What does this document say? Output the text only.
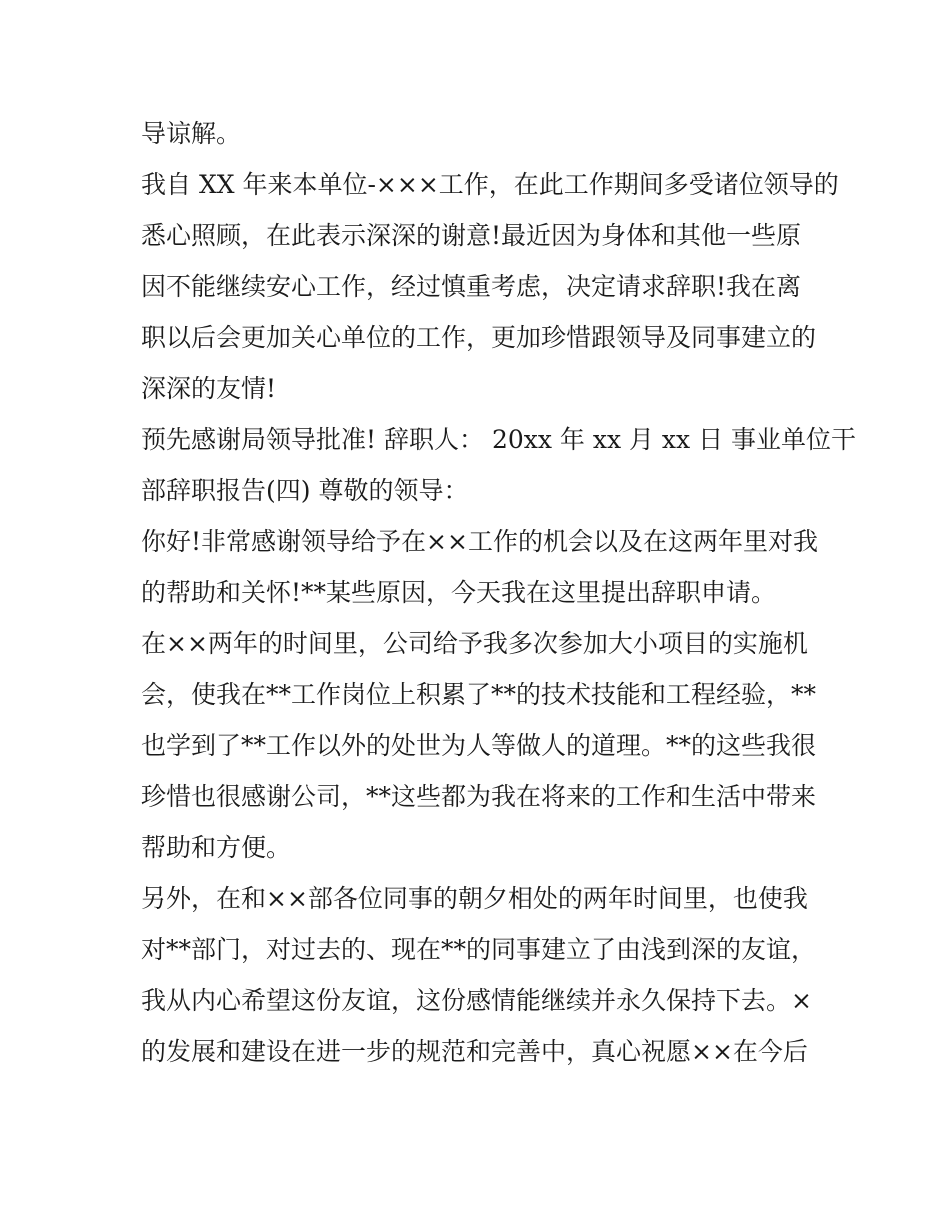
导谅解。
我自 XX 年来本单位-×××工作，在此工作期间多受诸位领导的
悉心照顾，在此表示深深的谢意!最近因为身体和其他一些原
因不能继续安心工作，经过慎重考虑，决定请求辞职!我在离
职以后会更加关心单位的工作，更加珍惜跟领导及同事建立的
深深的友情!
预先感谢局领导批准! 辞职人： 20xx 年 xx 月 xx 日 事业单位干
部辞职报告(四) 尊敬的领导：
你好!非常感谢领导给予在××工作的机会以及在这两年里对我
的帮助和关怀!**某些原因，今天我在这里提出辞职申请。
在××两年的时间里，公司给予我多次参加大小项目的实施机
会，使我在**工作岗位上积累了**的技术技能和工程经验，**
也学到了**工作以外的处世为人等做人的道理。**的这些我很
珍惜也很感谢公司，**这些都为我在将来的工作和生活中带来
帮助和方便。
另外，在和××部各位同事的朝夕相处的两年时间里，也使我
对**部门，对过去的、现在**的同事建立了由浅到深的友谊，
我从内心希望这份友谊，这份感情能继续并永久保持下去。×
的发展和建设在进一步的规范和完善中，真心祝愿××在今后
